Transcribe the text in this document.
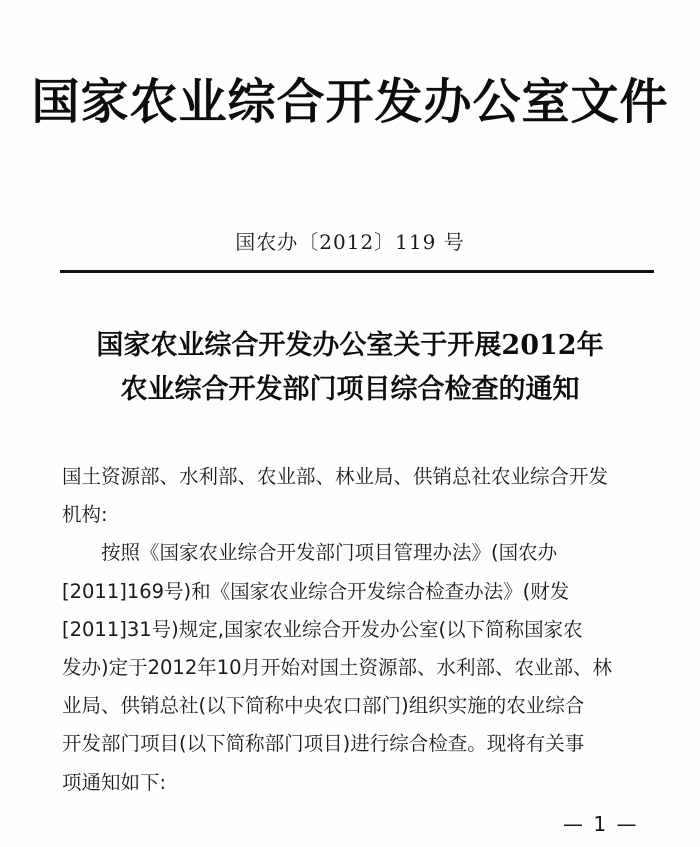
国家农业综合开发办公室文件
国农办〔2012〕119 号
国家农业综合开发办公室关于开展2012年
农业综合开发部门项目综合检查的通知

国土资源部、水利部、农业部、林业局、供销总社农业综合开发
机构:

按照《国家农业综合开发部门项目管理办法》(国农办
[2011]169号)和《国家农业综合开发综合检查办法》(财发
[2011]31号)规定,国家农业综合开发办公室(以下简称国家农
发办)定于2012年10月开始对国土资源部、水利部、农业部、林
业局、供销总社(以下简称中央农口部门)组织实施的农业综合
开发部门项目(以下简称部门项目)进行综合检查。现将有关事
项通知如下:

— 1 —
